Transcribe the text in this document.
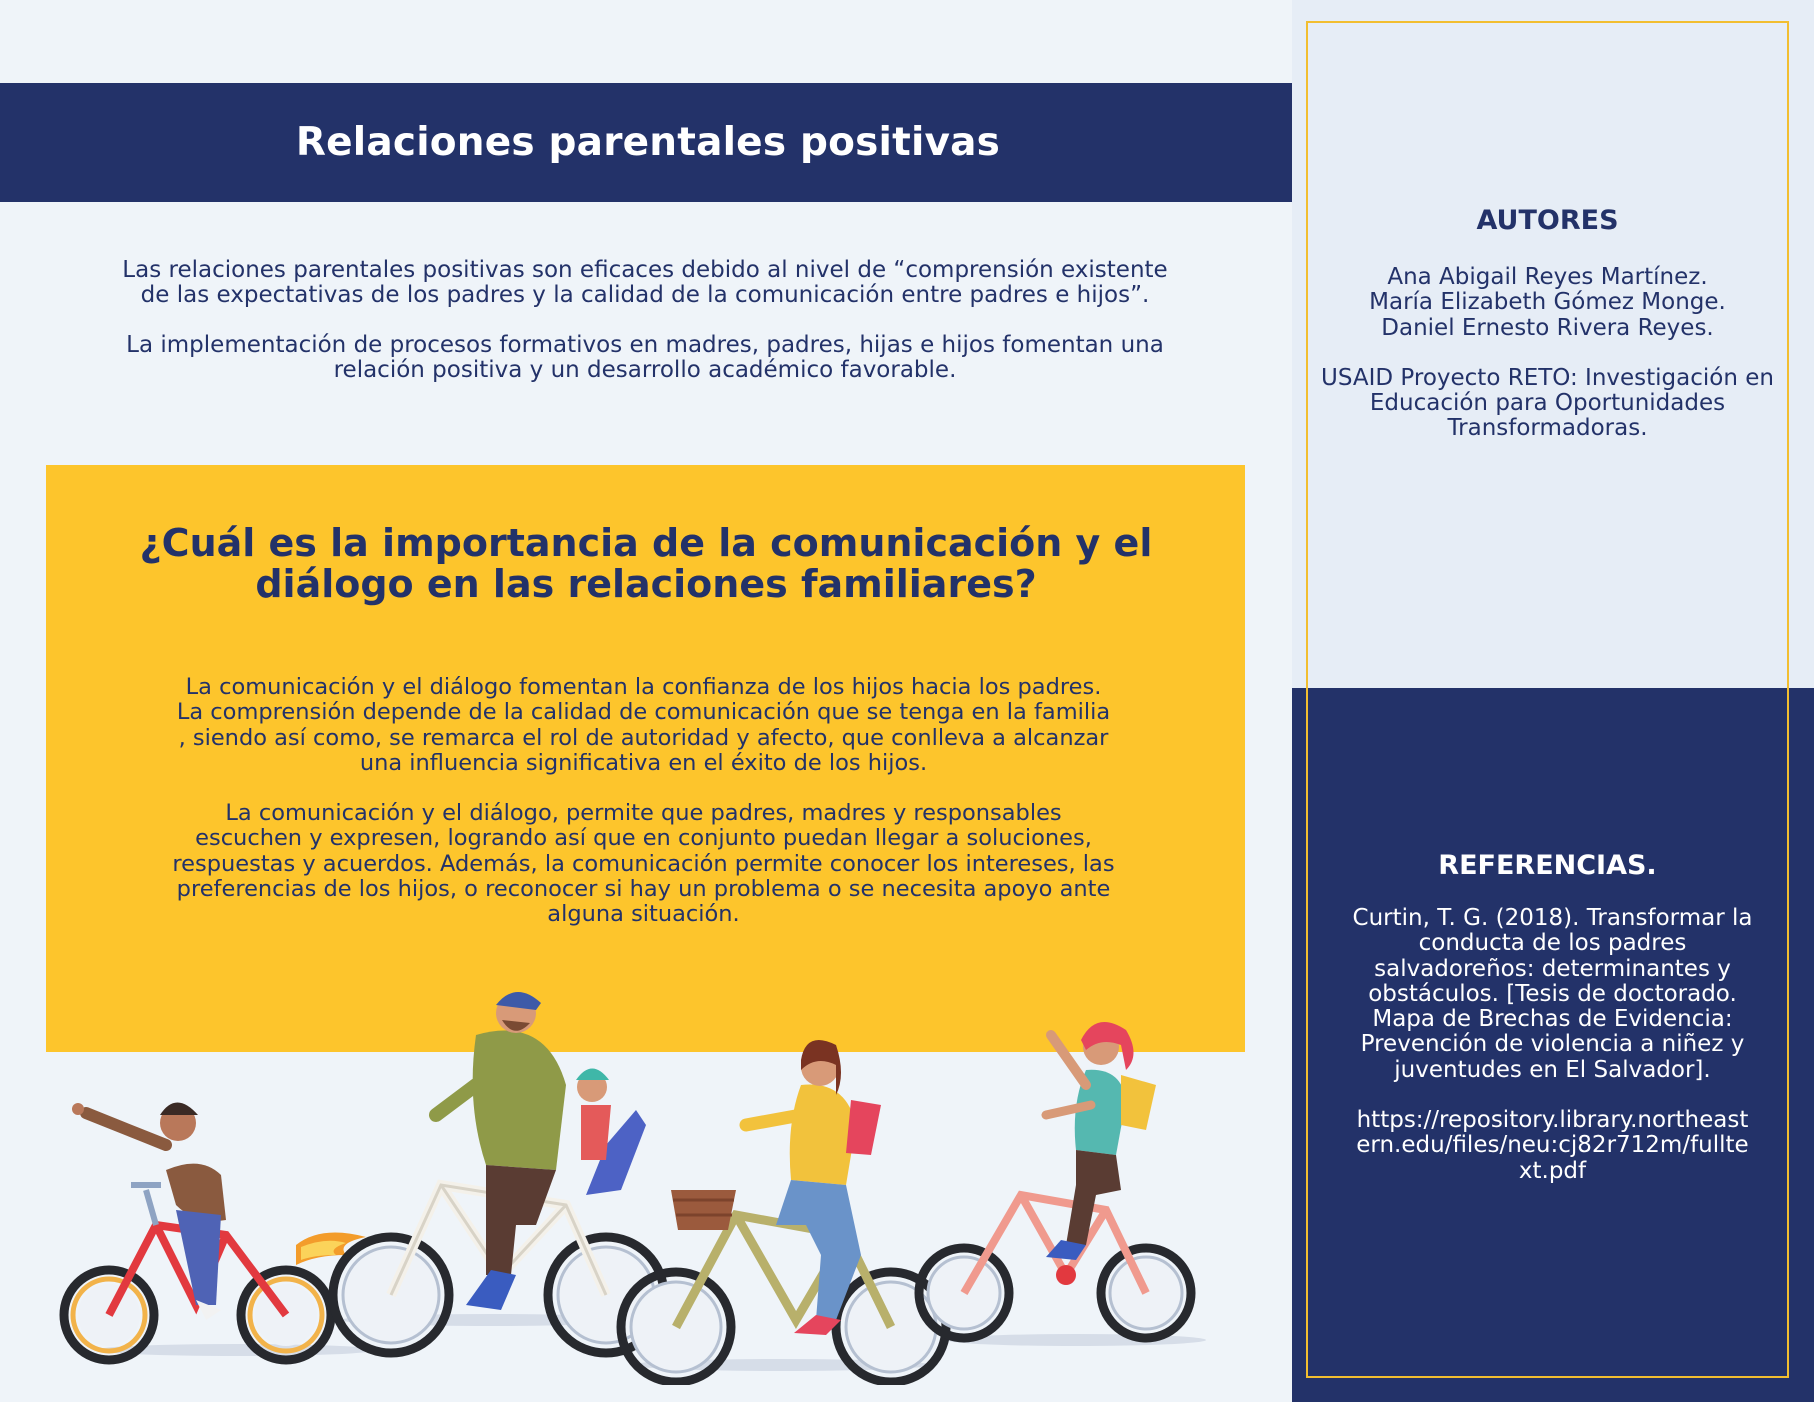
Relaciones parentales positivas

Las relaciones parentales positivas son eficaces debido al nivel de “comprensión existente de las expectativas de los padres y la calidad de la comunicación entre padres e hijos”.

La implementación de procesos formativos en madres, padres, hijas e hijos fomentan una relación positiva y un desarrollo académico favorable.

¿Cuál es la importancia de la comunicación y el diálogo en las relaciones familiares?

La comunicación y el diálogo fomentan la confianza de los hijos hacia los padres. La comprensión depende de la calidad de comunicación que se tenga en la familia , siendo así como, se remarca el rol de autoridad y afecto, que conlleva a alcanzar una influencia significativa en el éxito de los hijos.

La comunicación y el diálogo, permite que padres, madres y responsables escuchen y expresen, logrando así que en conjunto puedan llegar a soluciones, respuestas y acuerdos. Además, la comunicación permite conocer los intereses, las preferencias de los hijos, o reconocer si hay un problema o se necesita apoyo ante alguna situación.

AUTORES

Ana Abigail Reyes Martínez.
María Elizabeth Gómez Monge.
Daniel Ernesto Rivera Reyes.

USAID Proyecto RETO: Investigación en Educación para Oportunidades Transformadoras.

REFERENCIAS.

Curtin, T. G. (2018). Transformar la conducta de los padres salvadoreños: determinantes y obstáculos. [Tesis de doctorado. Mapa de Brechas de Evidencia: Prevención de violencia a niñez y juventudes en El Salvador].

https://repository.library.northeastern.edu/files/neu:cj82r712m/fulltext.pdf
